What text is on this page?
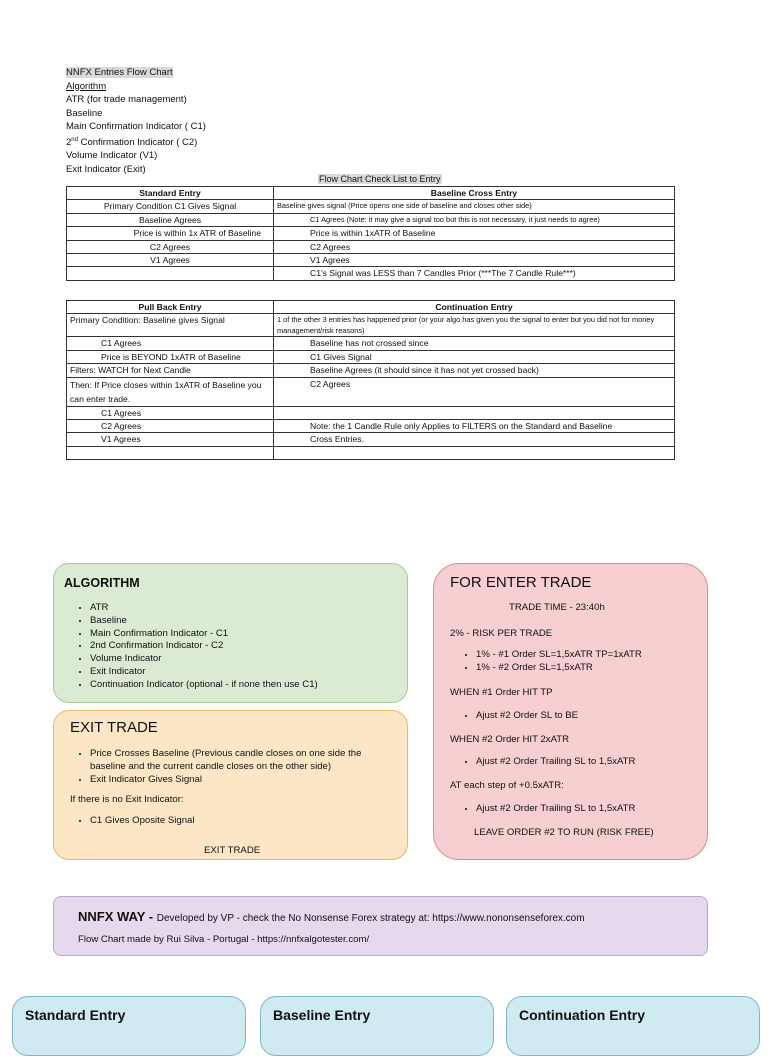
NNFX Entries Flow Chart
Algorithm
ATR (for trade management)
Baseline
Main Confirmation Indicator ( C1)
2nd Confirmation Indicator ( C2)
Volume Indicator (V1)
Exit Indicator (Exit)
Flow Chart Check List to Entry
Standard Entry	Baseline Cross Entry
Primary Condition C1 Gives Signal	Baseline gives signal (Price opens one side of baseline and closes other side)
Baseline Agrees	C1 Agrees (Note: it may give a signal too but this is not necessary, it just needs to agree)
Price is within 1x ATR of Baseline	Price is within 1xATR of Baseline
C2 Agrees	C2 Agrees
V1 Agrees	V1 Agrees
	C1's Signal was LESS than 7 Candles Prior (***The 7 Candle Rule***)
Pull Back Entry	Continuation Entry
Primary Condition: Baseline gives Signal	1 of the other 3 entries has happened prior (or your algo has given you the signal to enter but you did not for money management/risk reasons)
C1 Agrees	Baseline has not crossed since
Price is BEYOND 1xATR of Baseline	C1 Gives Signal
Filters: WATCH for Next Candle	Baseline Agrees (it should since it has not yet crossed back)
Then: If Price closes within 1xATR of Baseline you can enter trade.	C2 Agrees
C1 Agrees	
C2 Agrees	Note: the 1 Candle Rule only Applies to FILTERS on the Standard and Baseline
V1 Agrees	Cross Entries.

ALGORITHM
• ATR
• Baseline
• Main Confirmation Indicator - C1
• 2nd Confirmation Indicator - C2
• Volume Indicator
• Exit Indicator
• Continuation Indicator (optional - if none then use C1)
EXIT TRADE
• Price Crosses Baseline (Previous candle closes on one side the baseline and the current candle closes on the other side)
• Exit Indicator Gives Signal
If there is no Exit Indicator:
• C1 Gives Oposite Signal
EXIT TRADE
FOR ENTER TRADE
TRADE TIME - 23:40h
2% - RISK PER TRADE
• 1% - #1 Order SL=1,5xATR TP=1xATR
• 1% - #2 Order SL=1,5xATR
WHEN #1 Order HIT TP
• Ajust #2 Order SL to BE
WHEN #2 Order HIT 2xATR
• Ajust #2 Order Trailing SL to 1,5xATR
AT each step of +0.5xATR:
• Ajust #2 Order Trailing SL to 1,5xATR
LEAVE ORDER #2 TO RUN (RISK FREE)
NNFX WAY - Developed by VP - check the No Nonsense Forex strategy at: https://www.nononsenseforex.com
Flow Chart made by Rui Silva - Portugal - https://nnfxalgotester.com/
Standard Entry	Baseline Entry	Continuation Entry
